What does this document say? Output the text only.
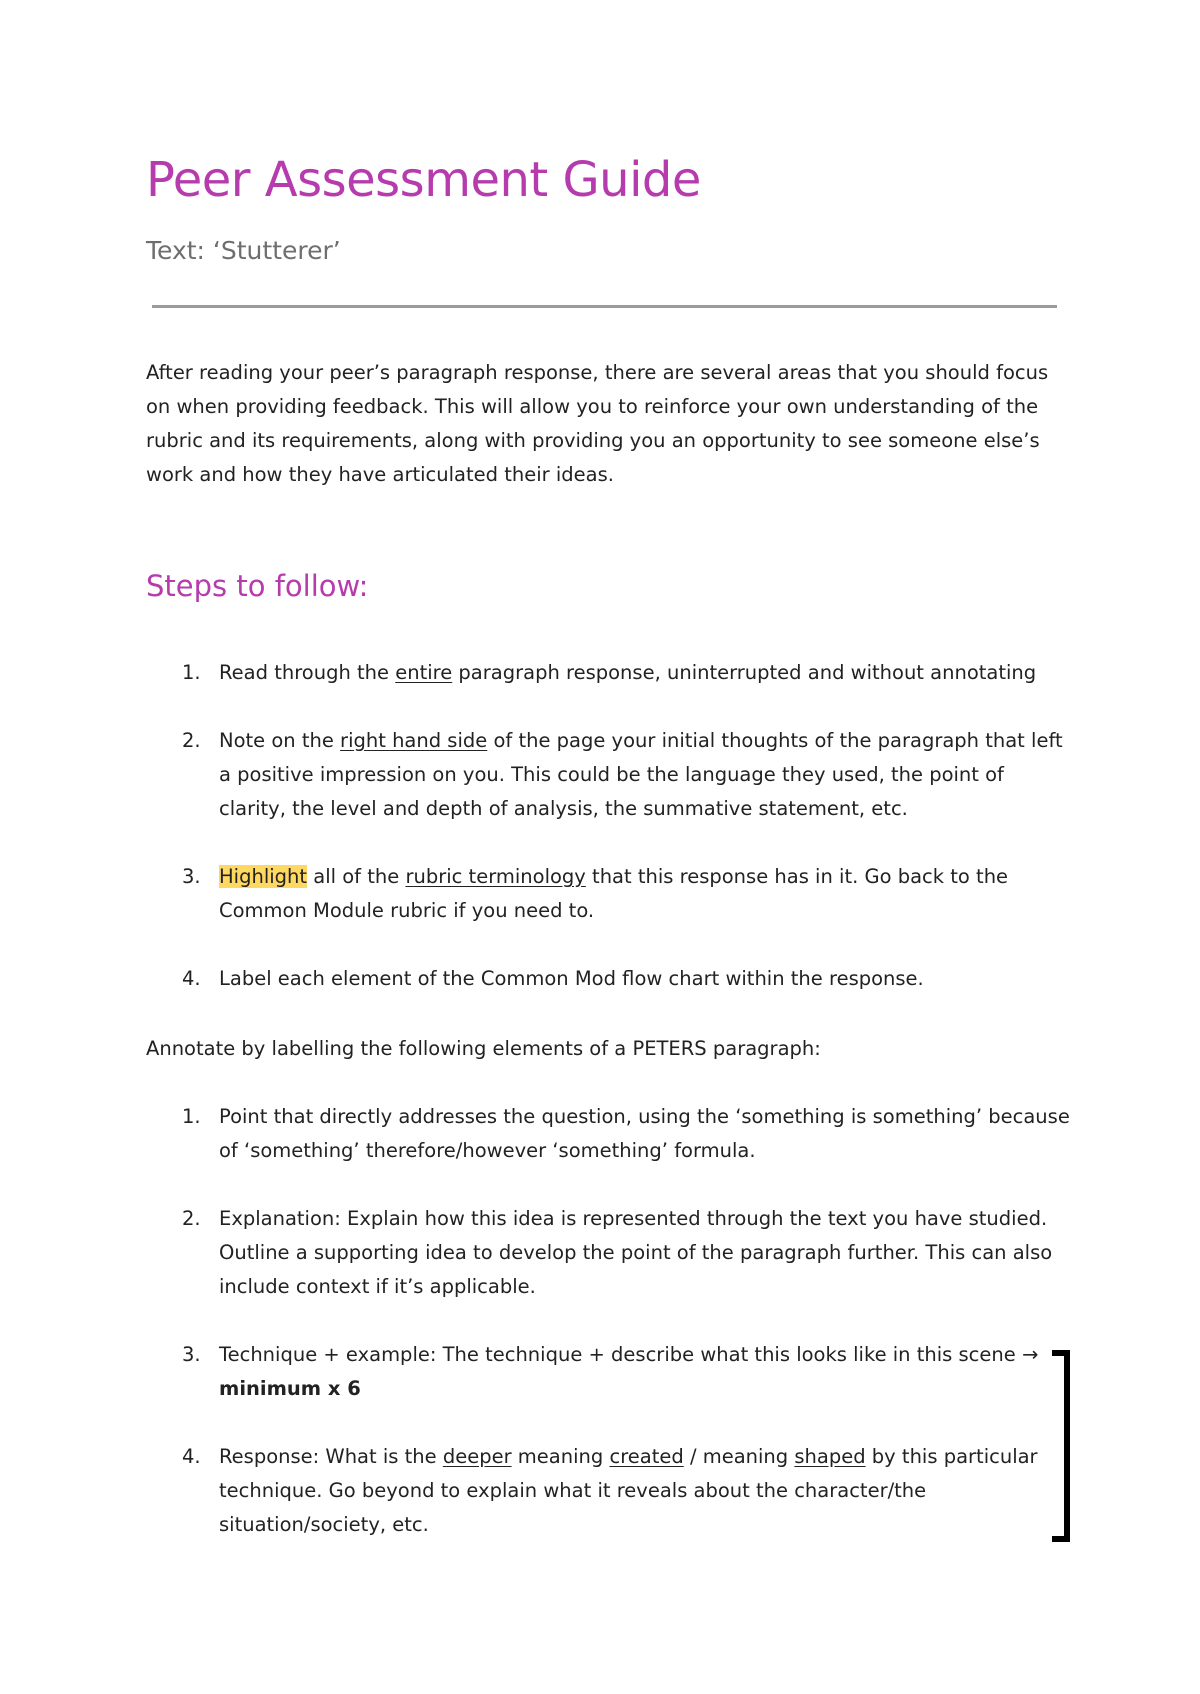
Peer Assessment Guide
Text: ‘Stutterer’

After reading your peer’s paragraph response, there are several areas that you should focus on when providing feedback. This will allow you to reinforce your own understanding of the rubric and its requirements, along with providing you an opportunity to see someone else’s work and how they have articulated their ideas.

Steps to follow:
1. Read through the entire paragraph response, uninterrupted and without annotating
2. Note on the right hand side of the page your initial thoughts of the paragraph that left a positive impression on you. This could be the language they used, the point of clarity, the level and depth of analysis, the summative statement, etc.
3. Highlight all of the rubric terminology that this response has in it. Go back to the Common Module rubric if you need to.
4. Label each element of the Common Mod flow chart within the response.

Annotate by labelling the following elements of a PETERS paragraph:

1. Point that directly addresses the question, using the ‘something is something’ because of ‘something’ therefore/however ‘something’ formula.
2. Explanation: Explain how this idea is represented through the text you have studied. Outline a supporting idea to develop the point of the paragraph further. This can also include context if it’s applicable.
3. Technique + example: The technique + describe what this looks like in this scene → minimum x 6
4. Response: What is the deeper meaning created / meaning shaped by this particular technique. Go beyond to explain what it reveals about the character/the situation/society, etc.
